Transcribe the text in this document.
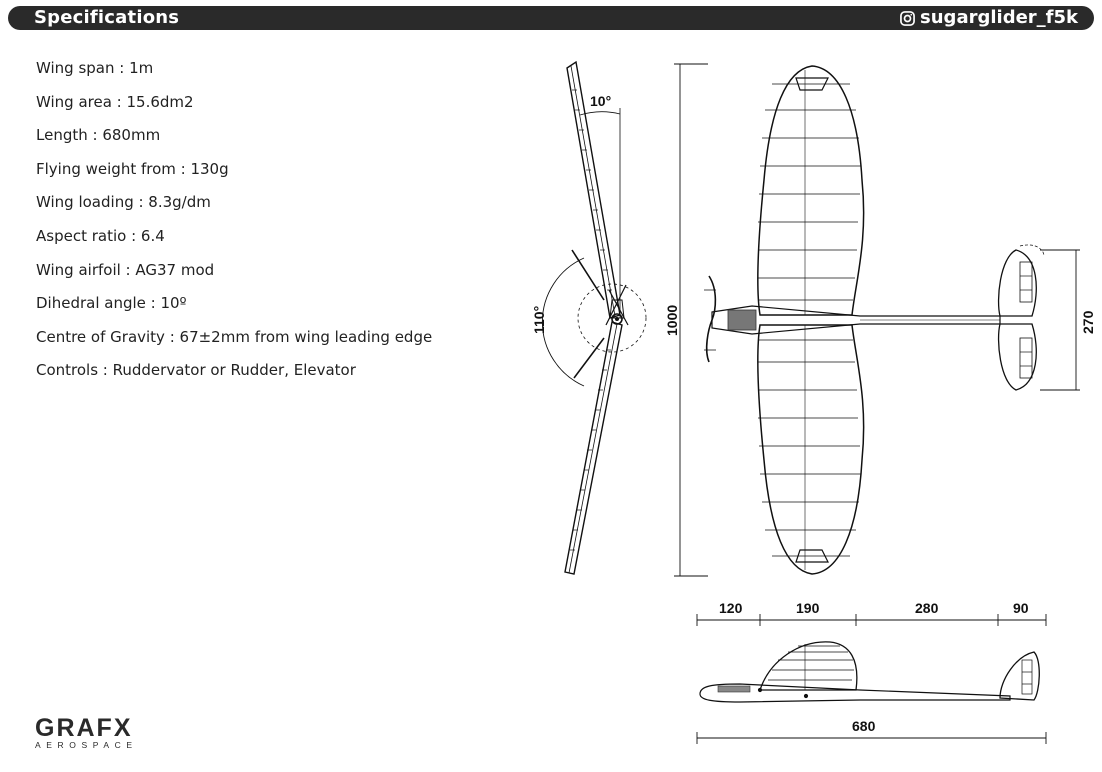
Specifications	sugarglider_f5k
Wing span : 1m
Wing area : 15.6dm2
Length : 680mm
Flying weight from : 130g
Wing loading : 8.3g/dm
Aspect ratio : 6.4
Wing airfoil : AG37 mod
Dihedral angle : 10º
Centre of Gravity : 67±2mm from wing leading edge
Controls : Ruddervator or Rudder, Elevator
10°
110°	1000	270
120	190	280	90
680
GRAFX
AEROSPACE
